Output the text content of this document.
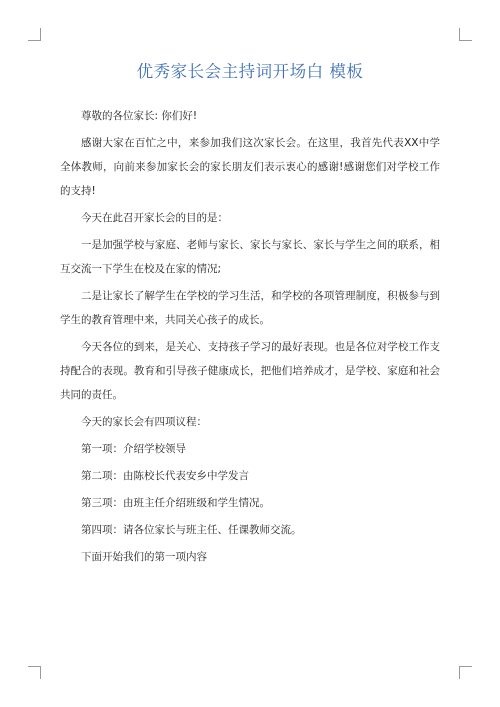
优秀家长会主持词开场白 模板

尊敬的各位家长: 你们好!

感谢大家在百忙之中，来参加我们这次家长会。在这里，我首先代表XX中学全体教师，向前来参加家长会的家长朋友们表示衷心的感谢!感谢您们对学校工作的支持!

今天在此召开家长会的目的是：

一是加强学校与家庭、老师与家长、家长与家长、家长与学生之间的联系，相互交流一下学生在校及在家的情况;

二是让家长了解学生在学校的学习生活，和学校的各项管理制度，积极参与到学生的教育管理中来，共同关心孩子的成长。

今天各位的到来，是关心、支持孩子学习的最好表现。也是各位对学校工作支持配合的表现。教育和引导孩子健康成长，把他们培养成才，是学校、家庭和社会共同的责任。

今天的家长会有四项议程：

第一项：介绍学校领导

第二项：由陈校长代表安乡中学发言

第三项：由班主任介绍班级和学生情况。

第四项：请各位家长与班主任、任课教师交流。

下面开始我们的第一项内容
